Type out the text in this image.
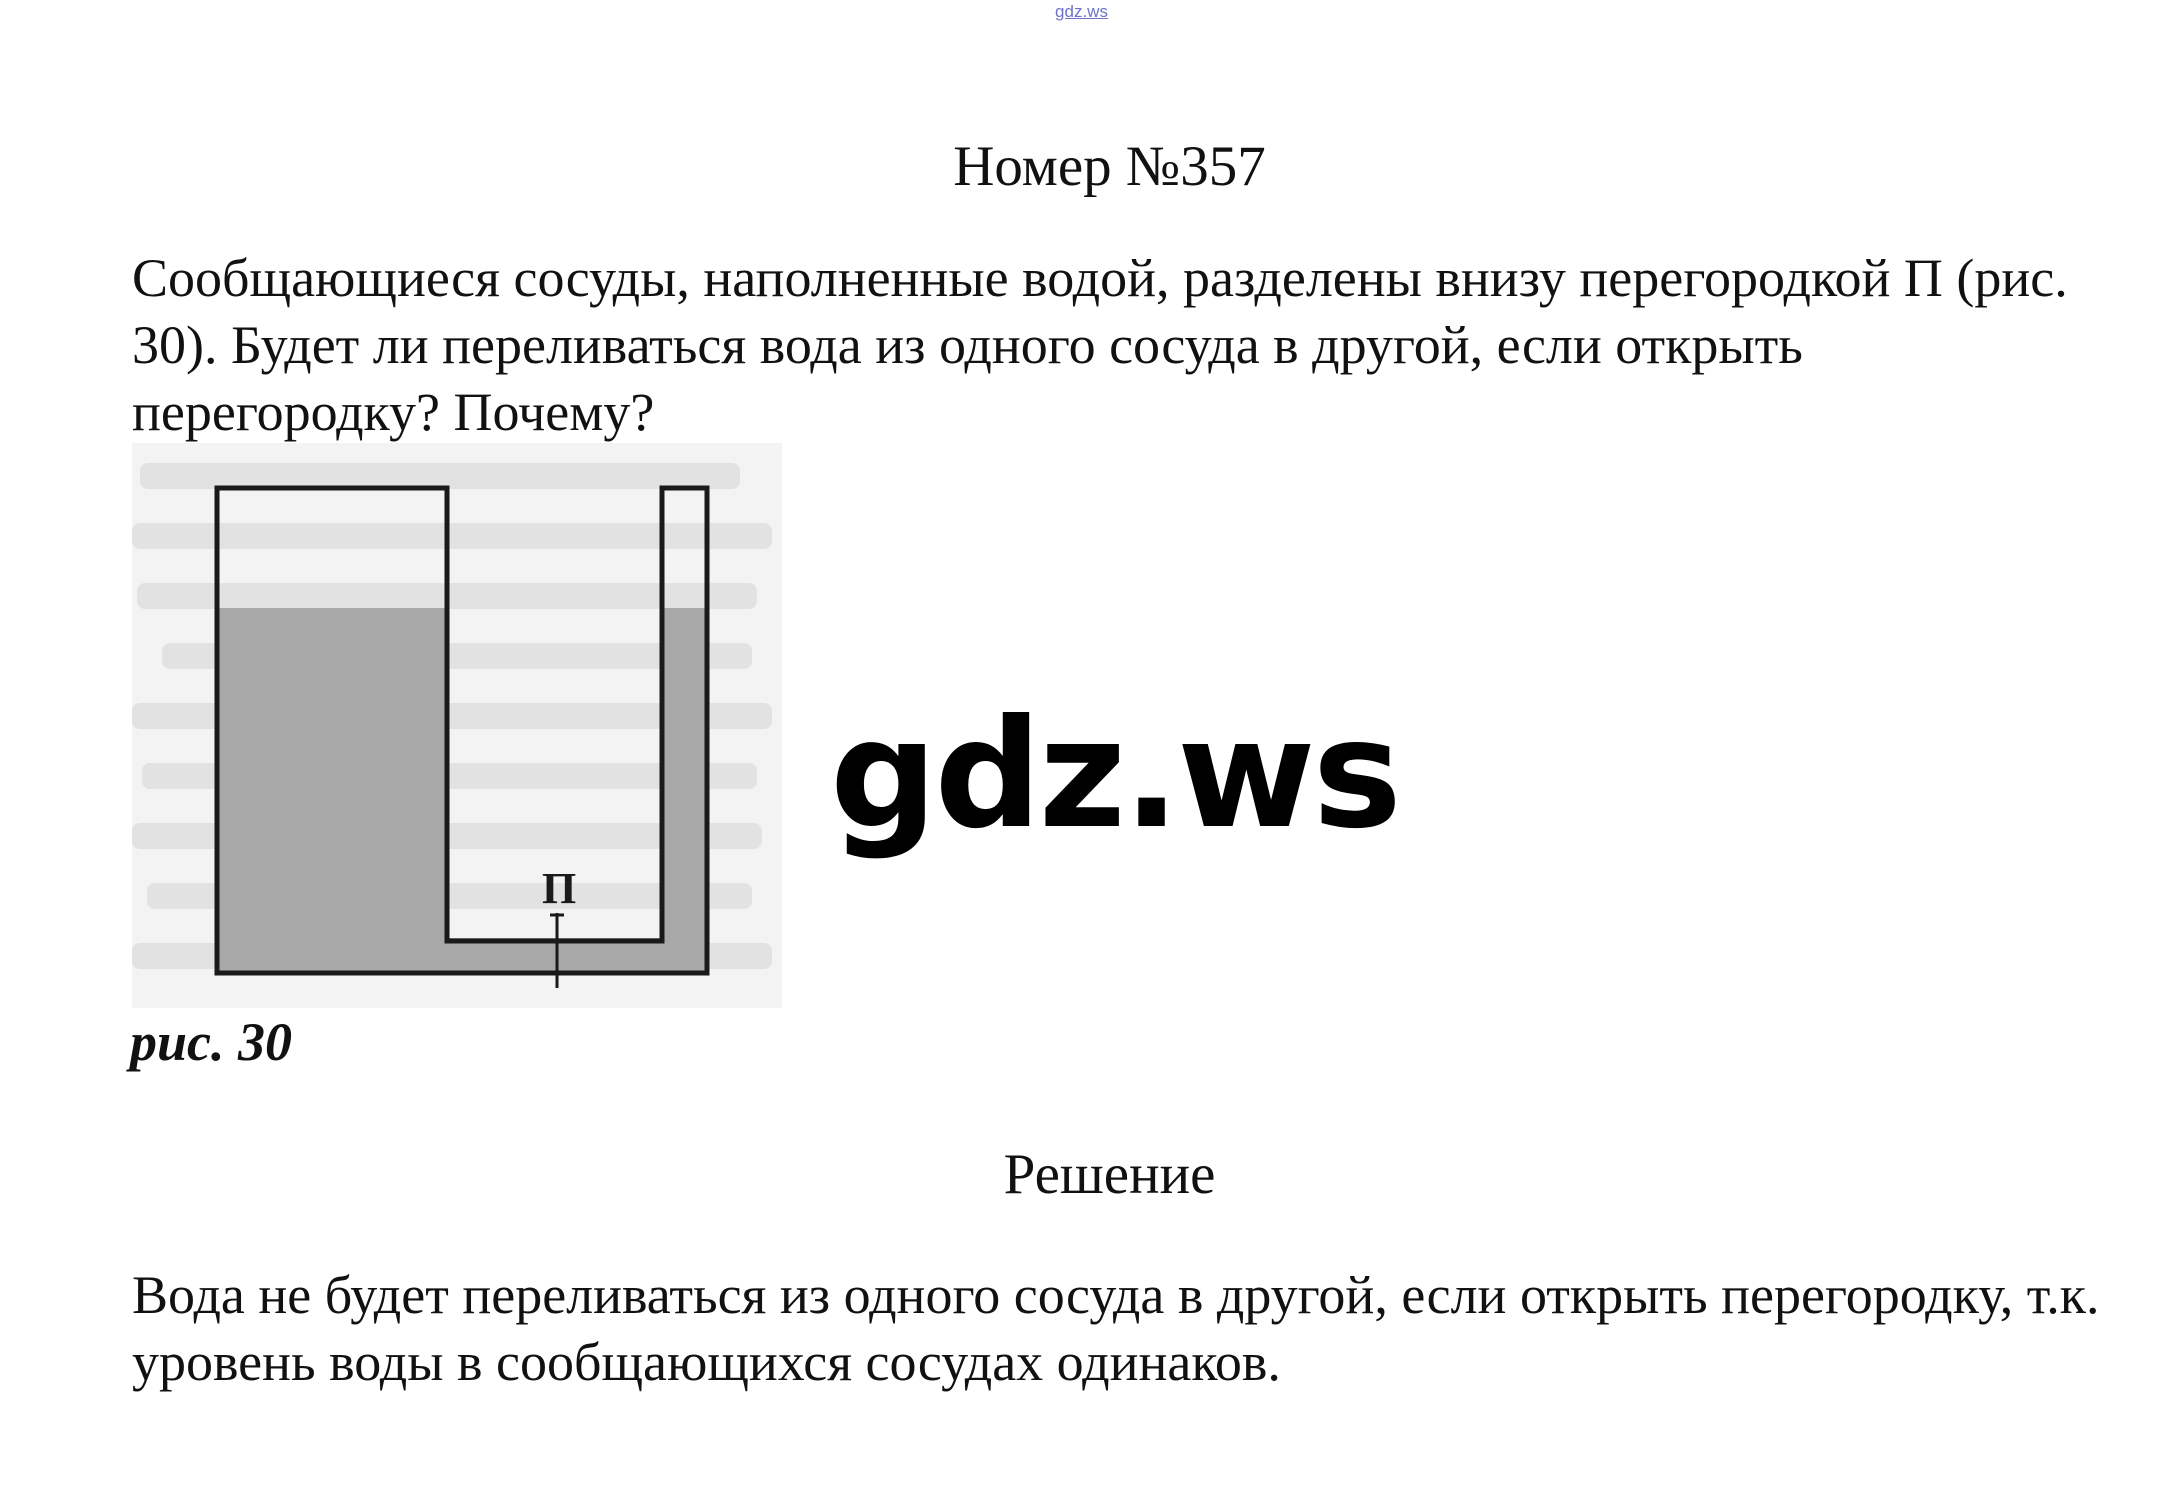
gdz.ws
Номер №357
Сообщающиеся сосуды, наполненные водой, разделены внизу перегородкой П (рис. 30). Будет ли переливаться вода из одного сосуда в другой, если открыть перегородку? Почему?
П
рис. 30
gdz.ws
Решение
Вода не будет переливаться из одного сосуда в другой, если открыть перегородку, т.к. уровень воды в сообщающихся сосудах одинаков.
